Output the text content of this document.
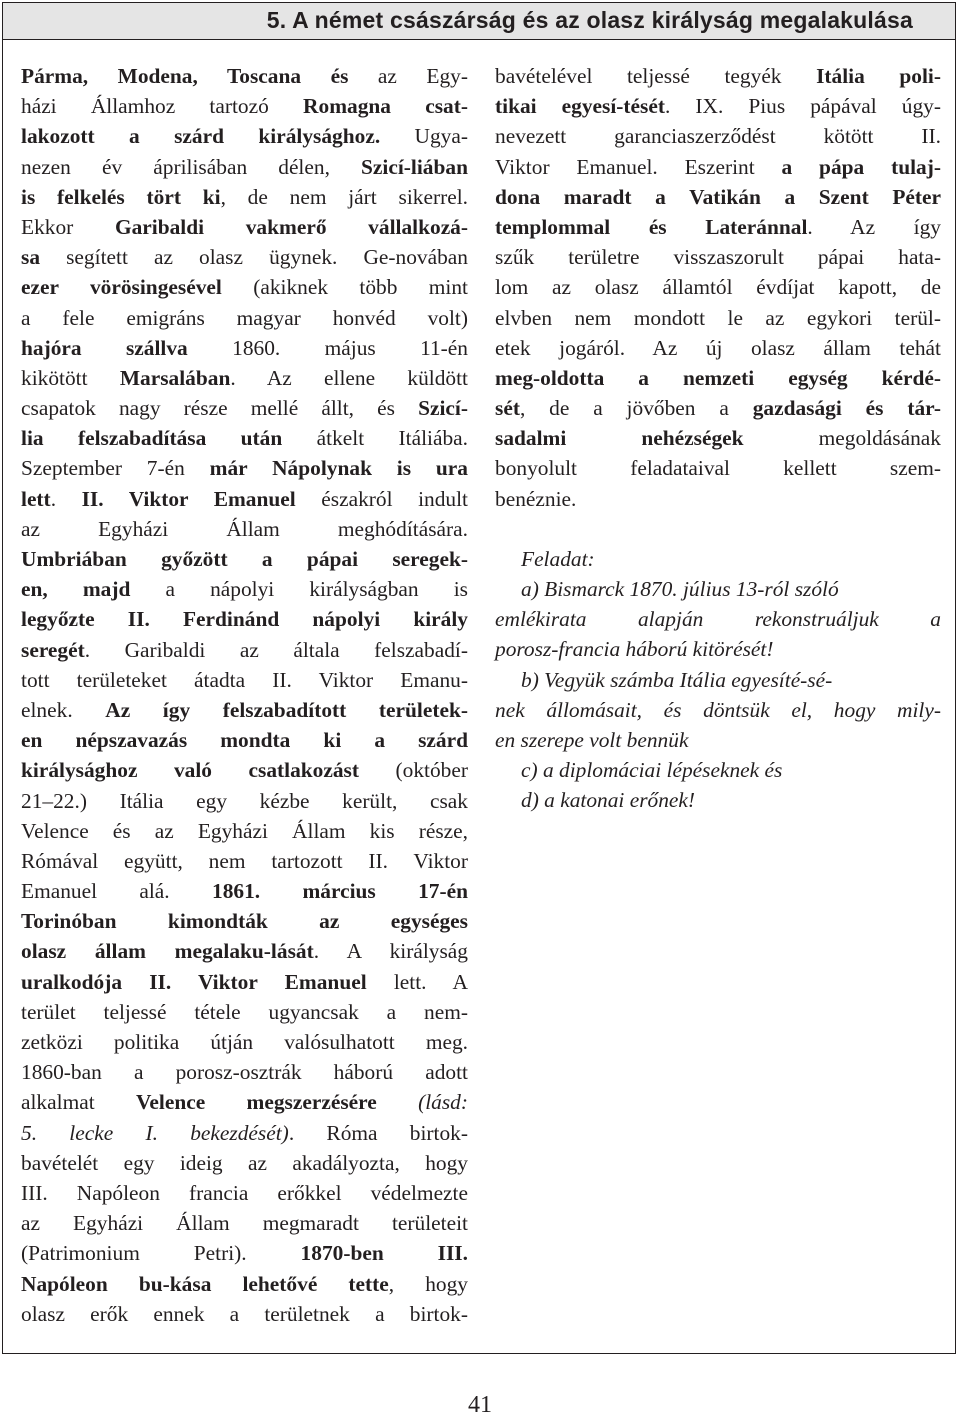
5. A német császárság és az olasz királyság megalakulása
Pármа, Modena, Toscana és az Egy-
házi Államhoz tartozó Romagna csat-
lakozott a szárd királysághoz. Ugya-
nezen év áprilisában délen, Szicí-liában
is felkelés tört ki, de nem járt sikerrel.
Ekkor Garibaldi vakmerő vállalkozá-
sa segített az olasz ügynek. Ge-novában
ezer vörösingesével (akiknek több mint
a fele emigráns magyar honvéd volt)
hajóra szállva 1860. május 11-én
kikötött Marsalában. Az ellene küldött
csapatok nagy része mellé állt, és Szicí-
lia felszabadítása után átkelt Itáliába.
Szeptember 7-én már Nápolynak is ura
lett. II. Viktor Emanuel északról indult
az Egyházi Állam meghódítására.
Umbriában győzött a pápai seregek-
en, majd a nápolyi királyságban is
legyőzte II. Ferdinánd nápolyi király
seregét. Garibaldi az általa felszabadí-
tott területeket átadta II. Viktor Emanu-
elnek. Az így felszabadított területek-
en népszavazás mondta ki a szárd
királysághoz való csatlakozást (október
21–22.) Itália egy kézbe került, csak
Velence és az Egyházi Állam kis része,
Rómával együtt, nem tartozott II. Viktor
Emanuel alá. 1861. március 17-én
Torinóban kimondták az egységes
olasz állam megalaku-lását. A királyság
uralkodója II. Viktor Emanuel lett. A
terület teljessé tétele ugyancsak a nem-
zetközi politika útján valósulhatott meg.
1860-ban a porosz-osztrák háború adott
alkalmat Velence megszerzésére (lásd:
5. lecke I. bekezdését). Róma birtok-
bavételét egy ideig az akadályozta, hogy
III. Napóleon francia erőkkel védelmezte
az Egyházi Állam megmaradt területeit
(Patrimonium Petri). 1870-ben III.
Napóleon bu-kása lehetővé tette, hogy
olasz erők ennek a területnek a birtok-
bavételével teljessé tegyék Itália poli-
tikai egyesí-tését. IX. Pius pápával úgy-
nevezett garanciaszerződést kötött II.
Viktor Emanuel. Eszerint a pápa tulaj-
dona maradt a Vatikán a Szent Péter
templommal és Lateránnal. Az így
szűk területre visszaszorult pápai hata-
lom az olasz államtól évdíjat kapott, de
elvben nem mondott le az egykori terül-
etek jogáról. Az új olasz állam tehát
meg-oldotta a nemzeti egység kérdé-
sét, de a jövőben a gazdasági és tár-
sadalmi nehézségek megoldásának
bonyolult feladataival kellett szem-
benéznie.
Feladat:
a) Bismarck 1870. július 13-ról szóló
emlékirata alapján rekonstruáljuk a
porosz-francia háború kitörését!
b) Vegyük számba Itália egyesíté-sé-
nek állomásait, és döntsük el, hogy mily-
en szerepe volt bennük
c) a diplomáciai lépéseknek és
d) a katonai erőnek!
41
